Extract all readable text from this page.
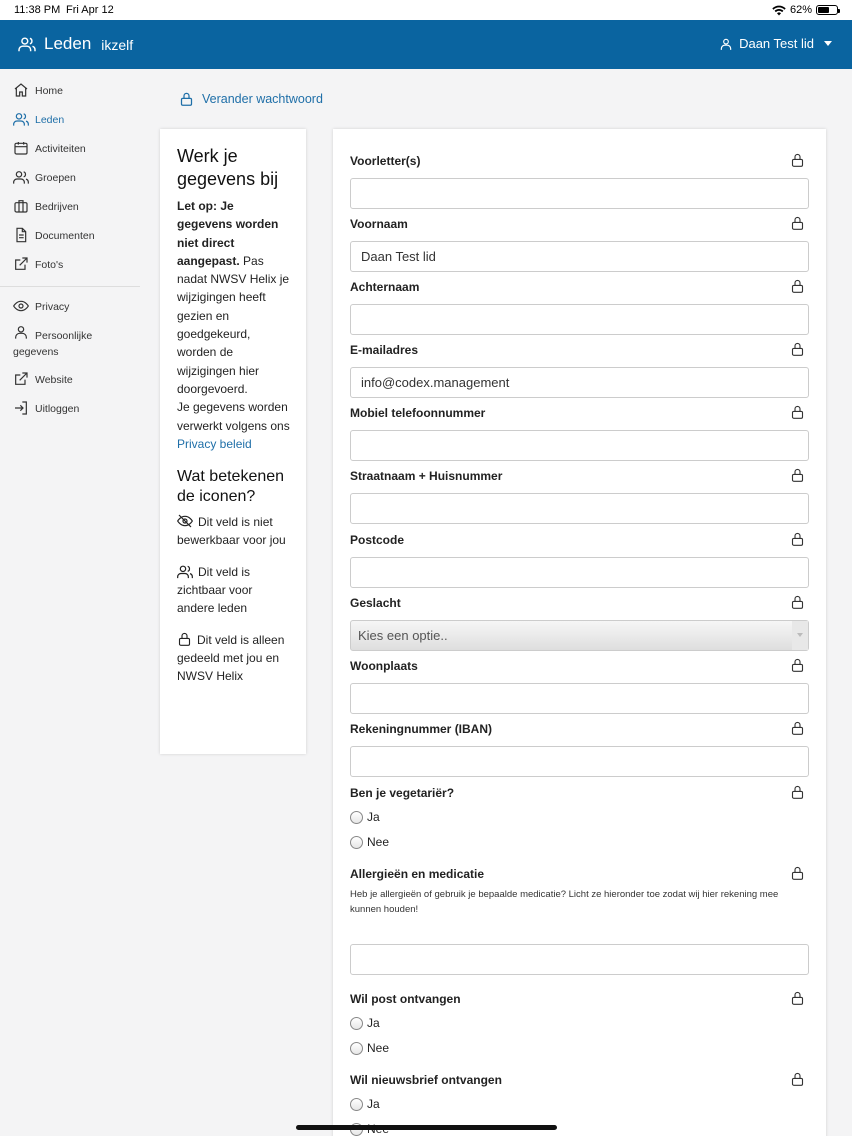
11:38 PM Fri Apr 12	62%
Leden ikzelf	Daan Test lid
Home
Leden
Activiteiten
Groepen
Bedrijven
Documenten
Foto's
Privacy
Persoonlijke
gegevens
Website
Uitloggen
Verander wachtwoord
Werk je gegevens bij

Let op: Je gegevens worden niet direct aangepast. Pas nadat NWSV Helix je wijzigingen heeft gezien en goedgekeurd, worden de wijzigingen hier doorgevoerd.
Je gegevens worden verwerkt volgens ons Privacy beleid

Wat betekenen de iconen?
Dit veld is niet bewerkbaar voor jou
Dit veld is zichtbaar voor andere leden
Dit veld is alleen gedeeld met jou en NWSV Helix
Voorletter(s)
Voornaam
Daan Test lid
Achternaam
E-mailadres
info@codex.management
Mobiel telefoonnummer
Straatnaam + Huisnummer
Postcode
Geslacht
Kies een optie..
Woonplaats
Rekeningnummer (IBAN)
Ben je vegetariër?
Ja
Nee
Allergieën en medicatie
Heb je allergieën of gebruik je bepaalde medicatie? Licht ze hieronder toe zodat wij hier rekening mee kunnen houden!
Wil post ontvangen
Ja
Nee
Wil nieuwsbrief ontvangen
Ja
